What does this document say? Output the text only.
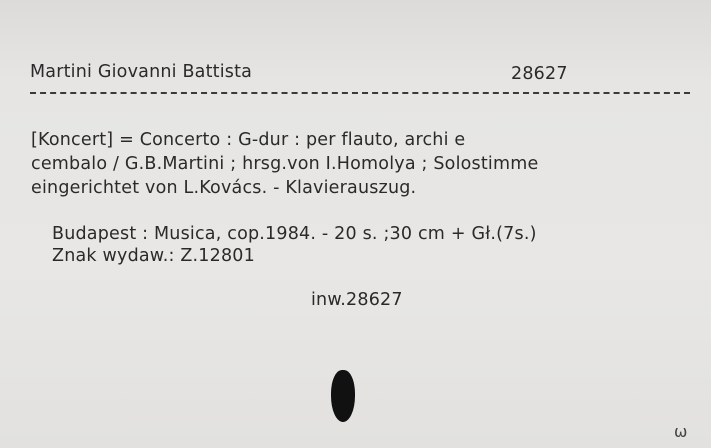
Martini Giovanni Battista	28627
[Koncert] = Concerto : G-dur : per flauto, archi e
cembalo / G.B.Martini ; hrsg.von I.Homolya ; Solostimme
eingerichtet von L.Kovács. - Klavierauszug.
Budapest : Musica, cop.1984. - 20 s. ;30 cm + Gł.(7s.)
Znak wydaw.: Z.12801
inw.28627
ω
